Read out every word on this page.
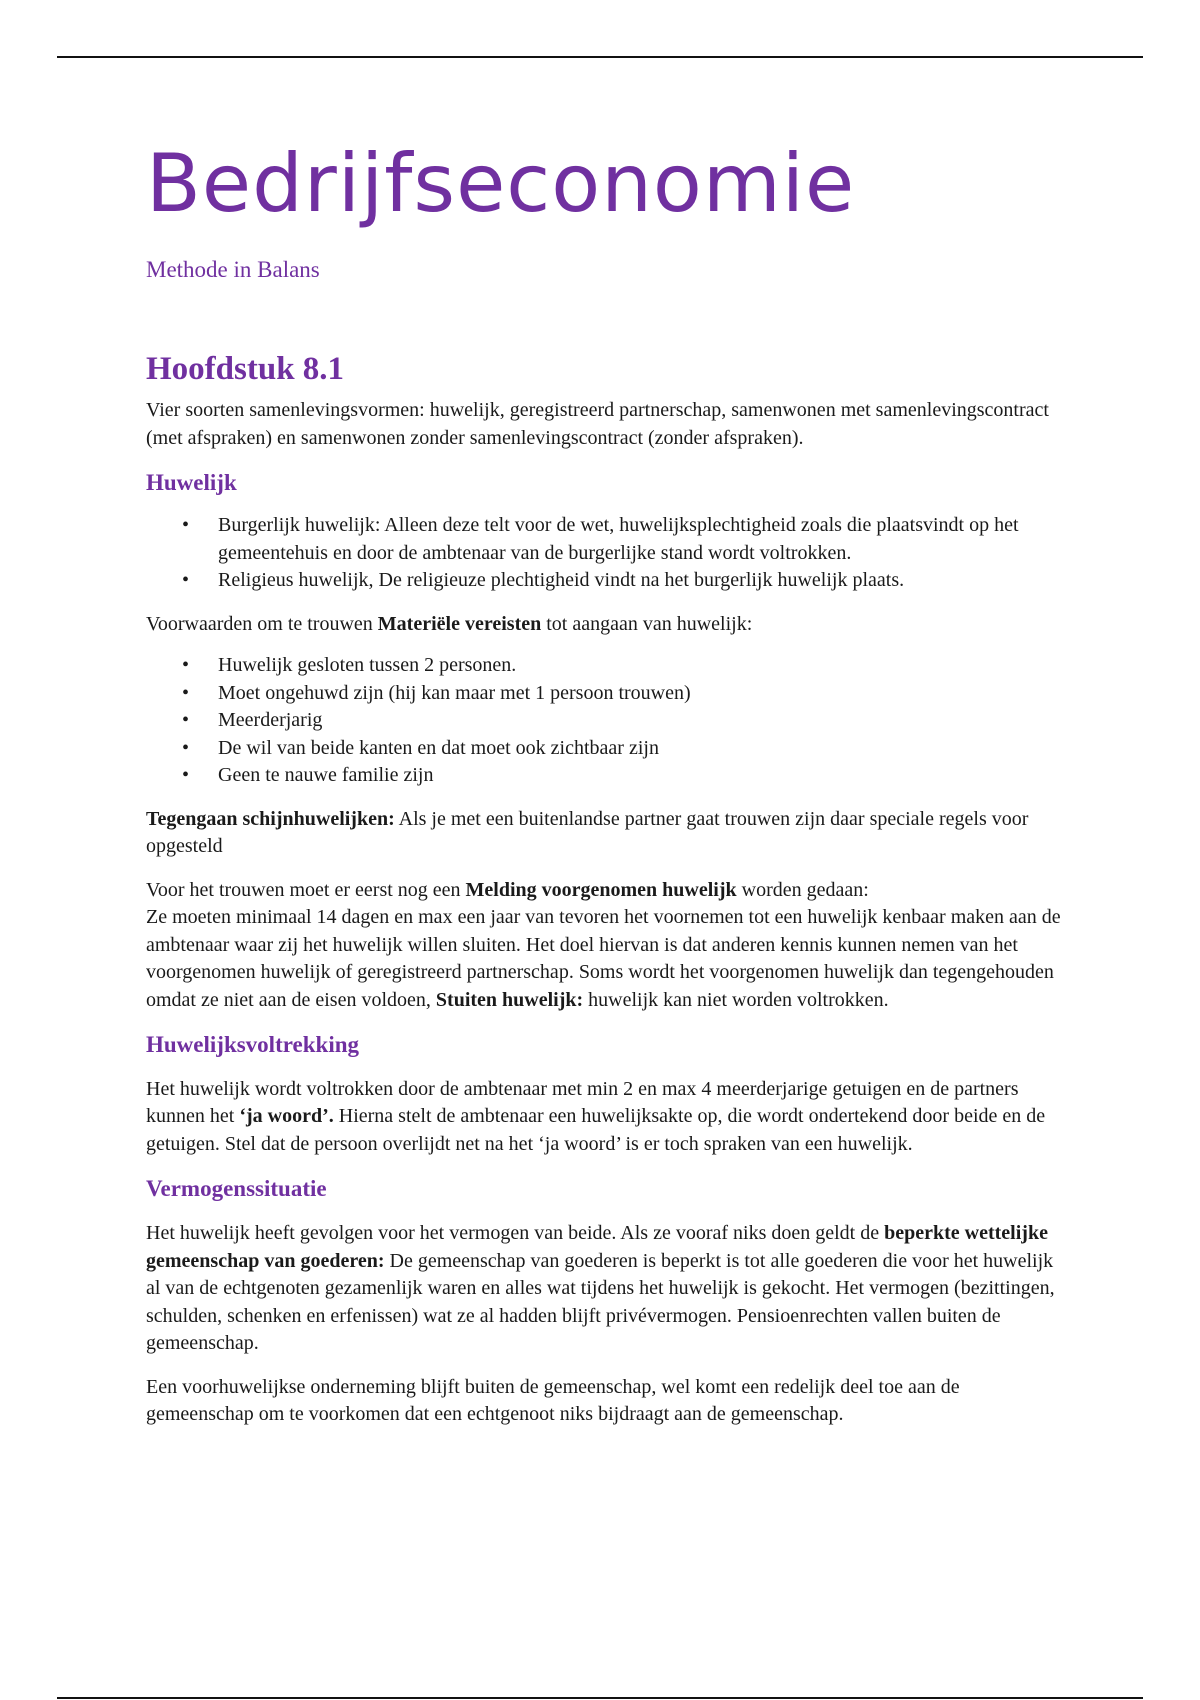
Bedrijfseconomie
Methode in Balans
Hoofdstuk 8.1

Vier soorten samenlevingsvormen: huwelijk, geregistreerd partnerschap, samenwonen met samenlevingscontract (met afspraken) en samenwonen zonder samenlevingscontract (zonder afspraken).

Huwelijk
• Burgerlijk huwelijk: Alleen deze telt voor de wet, huwelijksplechtigheid zoals die plaatsvindt op het gemeentehuis en door de ambtenaar van de burgerlijke stand wordt voltrokken.
• Religieus huwelijk, De religieuze plechtigheid vindt na het burgerlijk huwelijk plaats.

Voorwaarden om te trouwen Materiële vereisten tot aangaan van huwelijk:

• Huwelijk gesloten tussen 2 personen.
• Moet ongehuwd zijn (hij kan maar met 1 persoon trouwen)
• Meerderjarig
• De wil van beide kanten en dat moet ook zichtbaar zijn
• Geen te nauwe familie zijn

Tegengaan schijnhuwelijken: Als je met een buitenlandse partner gaat trouwen zijn daar speciale regels voor opgesteld

Voor het trouwen moet er eerst nog een Melding voorgenomen huwelijk worden gedaan:
Ze moeten minimaal 14 dagen en max een jaar van tevoren het voornemen tot een huwelijk kenbaar maken aan de ambtenaar waar zij het huwelijk willen sluiten. Het doel hiervan is dat anderen kennis kunnen nemen van het voorgenomen huwelijk of geregistreerd partnerschap. Soms wordt het voorgenomen huwelijk dan tegengehouden omdat ze niet aan de eisen voldoen, Stuiten huwelijk: huwelijk kan niet worden voltrokken.

Huwelijksvoltrekking

Het huwelijk wordt voltrokken door de ambtenaar met min 2 en max 4 meerderjarige getuigen en de partners kunnen het ‘ja woord’. Hierna stelt de ambtenaar een huwelijksakte op, die wordt ondertekend door beide en de getuigen. Stel dat de persoon overlijdt net na het ‘ja woord’ is er toch spraken van een huwelijk.

Vermogenssituatie

Het huwelijk heeft gevolgen voor het vermogen van beide. Als ze vooraf niks doen geldt de beperkte wettelijke gemeenschap van goederen: De gemeenschap van goederen is beperkt is tot alle goederen die voor het huwelijk al van de echtgenoten gezamenlijk waren en alles wat tijdens het huwelijk is gekocht. Het vermogen (bezittingen, schulden, schenken en erfenissen) wat ze al hadden blijft privévermogen. Pensioenrechten vallen buiten de gemeenschap.

Een voorhuwelijkse onderneming blijft buiten de gemeenschap, wel komt een redelijk deel toe aan de gemeenschap om te voorkomen dat een echtgenoot niks bijdraagt aan de gemeenschap.
